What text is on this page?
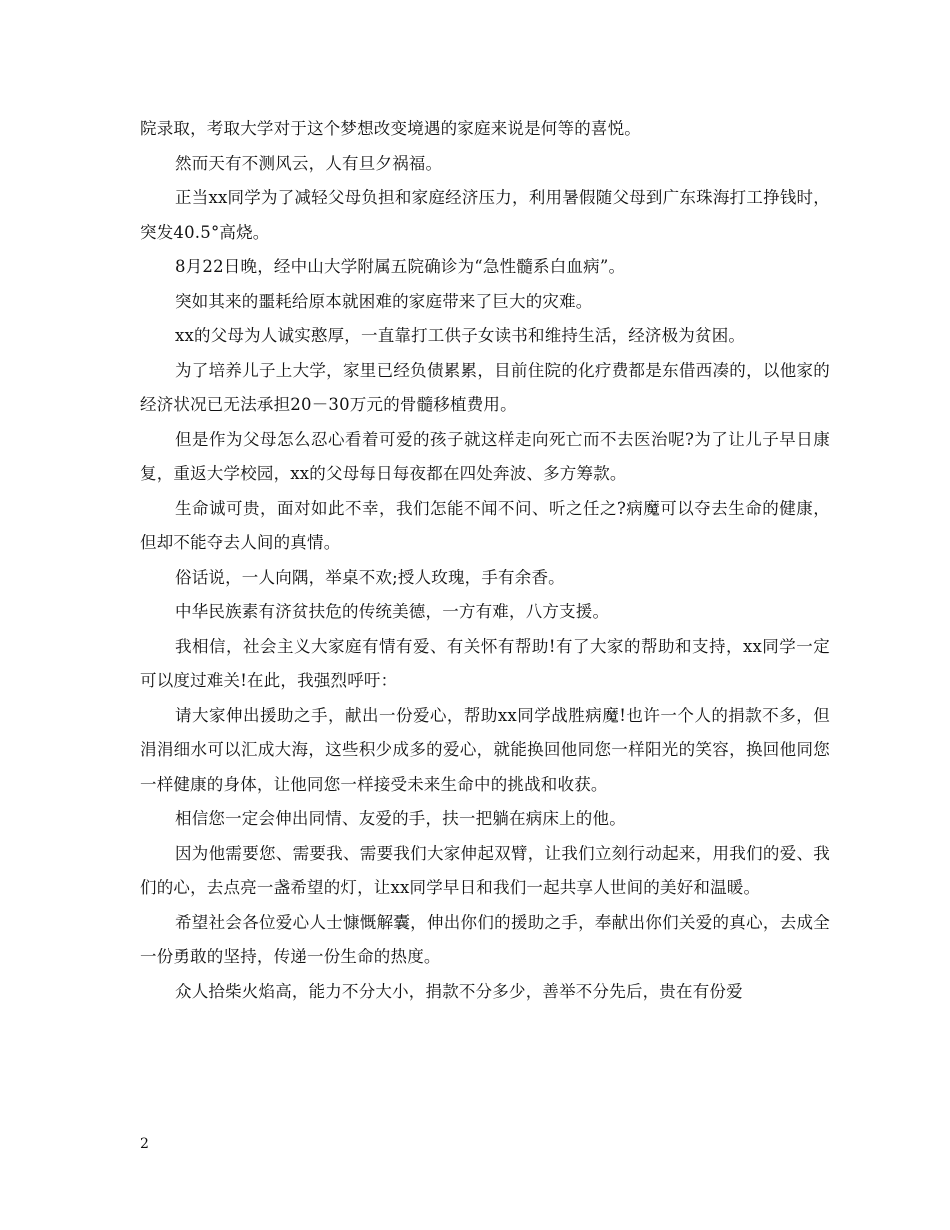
院录取，考取大学对于这个梦想改变境遇的家庭来说是何等的喜悦。

然而天有不测风云，人有旦夕祸福。

正当xx同学为了减轻父母负担和家庭经济压力，利用暑假随父母到广东珠海打工挣钱时，突发40.5°高烧。

8月22日晚，经中山大学附属五院确诊为“急性髓系白血病”。

突如其来的噩耗给原本就困难的家庭带来了巨大的灾难。

xx的父母为人诚实憨厚，一直靠打工供子女读书和维持生活，经济极为贫困。

为了培养儿子上大学，家里已经负债累累，目前住院的化疗费都是东借西凑的，以他家的经济状况已无法承担20－30万元的骨髓移植费用。

但是作为父母怎么忍心看着可爱的孩子就这样走向死亡而不去医治呢?为了让儿子早日康复，重返大学校园，xx的父母每日每夜都在四处奔波、多方筹款。

生命诚可贵，面对如此不幸，我们怎能不闻不问、听之任之?病魔可以夺去生命的健康，但却不能夺去人间的真情。

俗话说，一人向隅，举桌不欢;授人玫瑰，手有余香。

中华民族素有济贫扶危的传统美德，一方有难，八方支援。

我相信，社会主义大家庭有情有爱、有关怀有帮助!有了大家的帮助和支持，xx同学一定可以度过难关!在此，我强烈呼吁：

请大家伸出援助之手，献出一份爱心，帮助xx同学战胜病魔!也许一个人的捐款不多，但涓涓细水可以汇成大海，这些积少成多的爱心，就能换回他同您一样阳光的笑容，换回他同您一样健康的身体，让他同您一样接受未来生命中的挑战和收获。

相信您一定会伸出同情、友爱的手，扶一把躺在病床上的他。

因为他需要您、需要我、需要我们大家伸起双臂，让我们立刻行动起来，用我们的爱、我们的心，去点亮一盏希望的灯，让xx同学早日和我们一起共享人世间的美好和温暖。

希望社会各位爱心人士慷慨解囊，伸出你们的援助之手，奉献出你们关爱的真心，去成全一份勇敢的坚持，传递一份生命的热度。

众人拾柴火焰高，能力不分大小，捐款不分多少，善举不分先后，贵在有份爱

2
